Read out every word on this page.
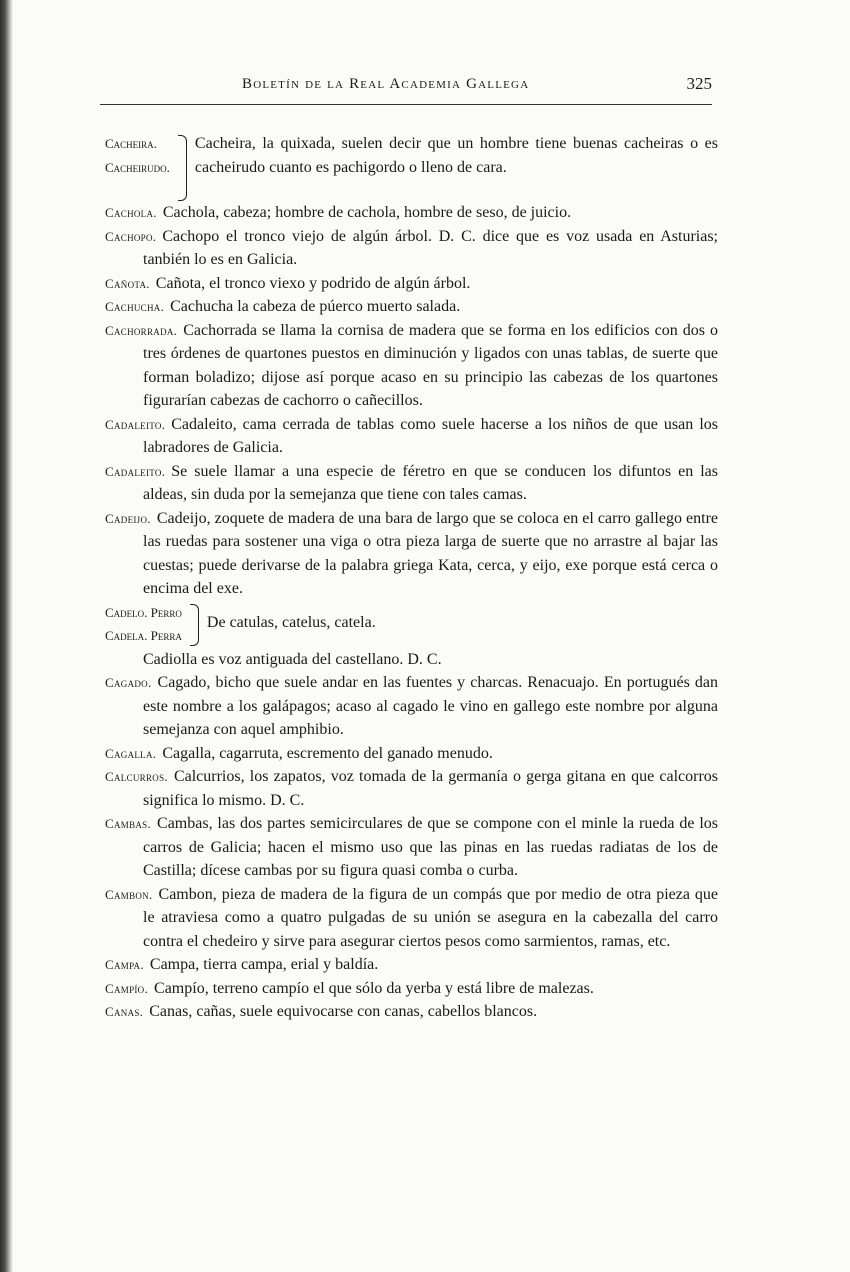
Boletín de la Real Academia Gallega	325
Cacheira.
Cacheirudo.
Cacheira, la quixada, suelen decir que un hombre tiene buenas cacheiras o es cacheirudo cuanto es pachigordo o lleno de cara.

Cachola. Cachola, cabeza; hombre de cachola, hombre de seso, de juicio.

Cachopo. Cachopo el tronco viejo de algún árbol. D. C. dice que es voz usada en Asturias; tanbién lo es en Galicia.

Cañota. Cañota, el tronco viexo y podrido de algún árbol.

Cachucha. Cachucha la cabeza de púerco muerto salada.

Cachorrada. Cachorrada se llama la cornisa de madera que se forma en los edificios con dos o tres órdenes de quartones puestos en diminución y ligados con unas tablas, de suerte que forman boladizo; dijose así porque acaso en su principio las cabezas de los quartones figurarían cabezas de cachorro o cañecillos.

Cadaleito. Cadaleito, cama cerrada de tablas como suele hacerse a los niños de que usan los labradores de Galicia.

Cadaleito. Se suele llamar a una especie de féretro en que se conducen los difuntos en las aldeas, sin duda por la semejanza que tiene con tales camas.

Cadeijo. Cadeijo, zoquete de madera de una bara de largo que se coloca en el carro gallego entre las ruedas para sostener una viga o otra pieza larga de suerte que no arrastre al bajar las cuestas; puede derivarse de la palabra griega Kata, cerca, y eijo, exe porque está cerca o encima del exe.

Cadelo. Perro
Cadela. Perra
De catulas, catelus, catela.
Cadiolla es voz antiguada del castellano. D. C.

Cagado. Cagado, bicho que suele andar en las fuentes y charcas. Renacuajo. En portugués dan este nombre a los galápagos; acaso al cagado le vino en gallego este nombre por alguna semejanza con aquel amphibio.

Cagalla. Cagalla, cagarruta, escremento del ganado menudo.

Calcurros. Calcurrios, los zapatos, voz tomada de la germanía o gerga gitana en que calcorros significa lo mismo. D. C.

Cambas. Cambas, las dos partes semicirculares de que se compone con el minle la rueda de los carros de Galicia; hacen el mismo uso que las pinas en las ruedas radiatas de los de Castilla; dícese cambas por su figura quasi comba o curba.

Cambon. Cambon, pieza de madera de la figura de un compás que por medio de otra pieza que le atraviesa como a quatro pulgadas de su unión se asegura en la cabezalla del carro contra el chedeiro y sirve para asegurar ciertos pesos como sarmientos, ramas, etc.

Campa. Campa, tierra campa, erial y baldía.

Campío. Campío, terreno campío el que sólo da yerba y está libre de malezas.

Canas. Canas, cañas, suele equivocarse con canas, cabellos blancos.
